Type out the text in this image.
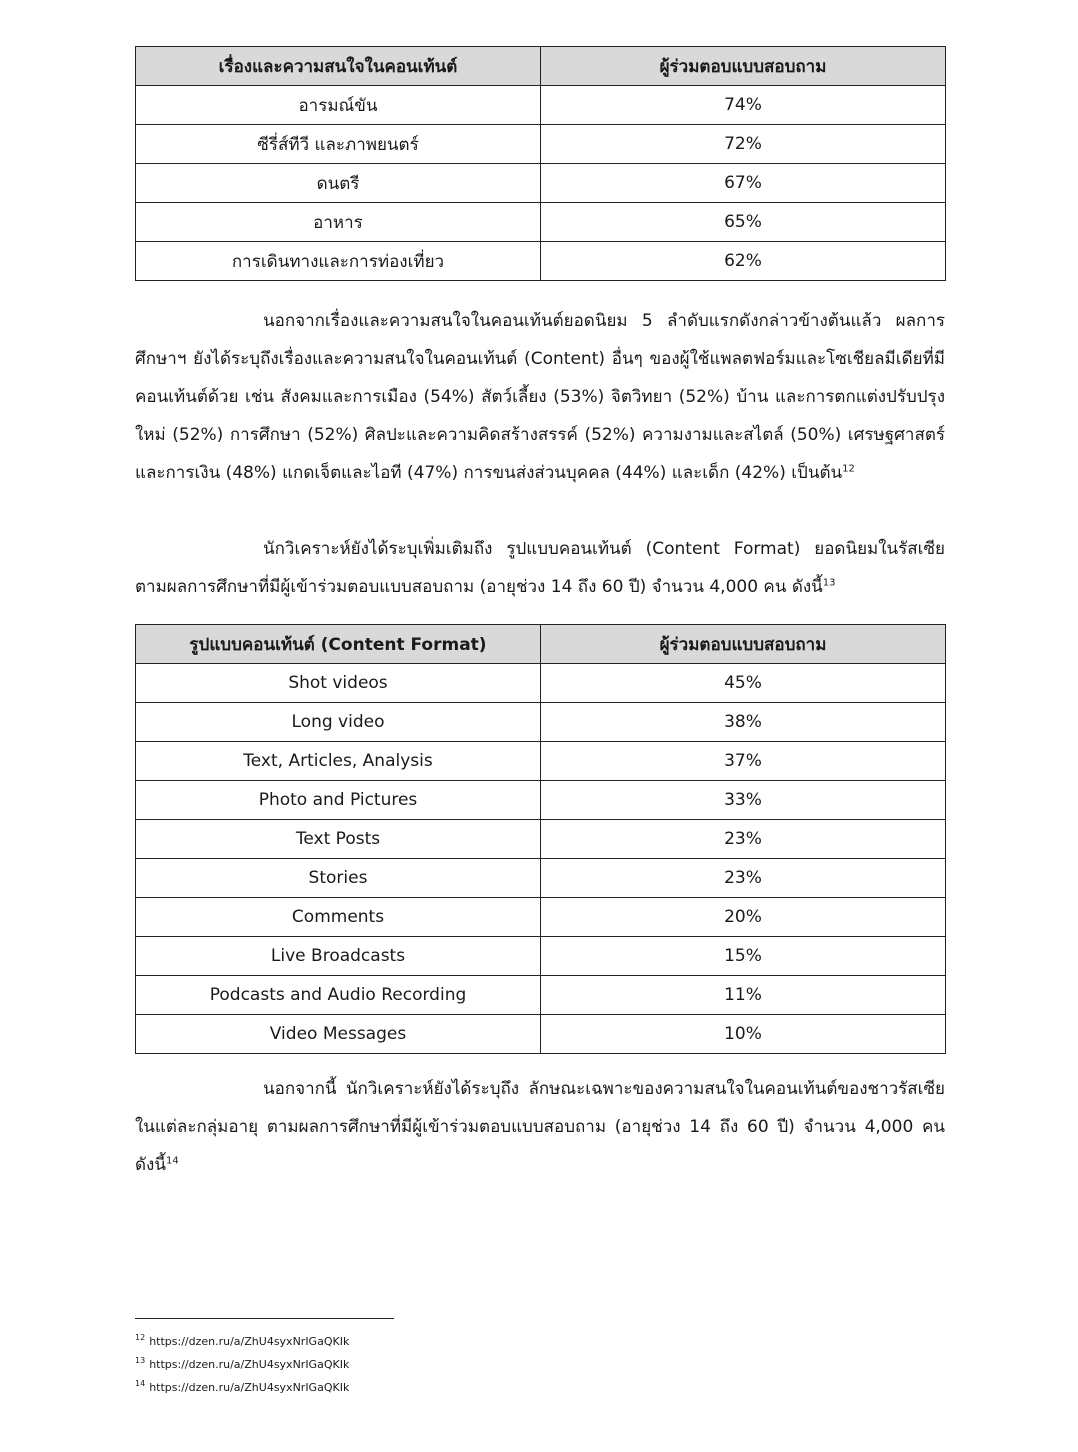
เรื่องและความสนใจในคอนเท้นต์	ผู้ร่วมตอบแบบสอบถาม
อารมณ์ขัน	74%
ซีรี่ส์ทีวี และภาพยนตร์	72%
ดนตรี	67%
อาหาร	65%
การเดินทางและการท่องเที่ยว	62%

นอกจากเรื่องและความสนใจในคอนเท้นต์ยอดนิยม 5 ลำดับแรกดังกล่าวข้างต้นแล้ว ผลการศึกษาฯ ยังได้ระบุถึงเรื่องและความสนใจในคอนเท้นต์ (Content) อื่นๆ ของผู้ใช้แพลตฟอร์มและโซเชียลมีเดียที่มีคอนเท้นต์ด้วย เช่น สังคมและการเมือง (54%) สัตว์เลี้ยง (53%) จิตวิทยา (52%) บ้าน และการตกแต่งปรับปรุงใหม่ (52%) การศึกษา (52%) ศิลปะและความคิดสร้างสรรค์ (52%) ความงามและสไตล์ (50%) เศรษฐศาสตร์และการเงิน (48%) แกดเจ็ตและไอที (47%) การขนส่งส่วนบุคคล (44%) และเด็ก (42%) เป็นต้น$^{12}$

นักวิเคราะห์ยังได้ระบุเพิ่มเติมถึง รูปแบบคอนเท้นต์ (Content Format) ยอดนิยมในรัสเซีย ตามผลการศึกษาที่มีผู้เข้าร่วมตอบแบบสอบถาม (อายุช่วง 14 ถึง 60 ปี) จำนวน 4,000 คน ดังนี้$^{13}$

รูปแบบคอนเท้นต์ (Content Format)	ผู้ร่วมตอบแบบสอบถาม
Shot videos	45%
Long video	38%
Text, Articles, Analysis	37%
Photo and Pictures	33%
Text Posts	23%
Stories	23%
Comments	20%
Live Broadcasts	15%
Podcasts and Audio Recording	11%
Video Messages	10%

นอกจากนี้ นักวิเคราะห์ยังได้ระบุถึง ลักษณะเฉพาะของความสนใจในคอนเท้นต์ของชาวรัสเซียในแต่ละกลุ่มอายุ ตามผลการศึกษาที่มีผู้เข้าร่วมตอบแบบสอบถาม (อายุช่วง 14 ถึง 60 ปี) จำนวน 4,000 คน ดังนี้$^{14}$

$^{12}$ https://dzen.ru/a/ZhU4syxNrIGaQKIk
$^{13}$ https://dzen.ru/a/ZhU4syxNrIGaQKIk
$^{14}$ https://dzen.ru/a/ZhU4syxNrIGaQKIk
